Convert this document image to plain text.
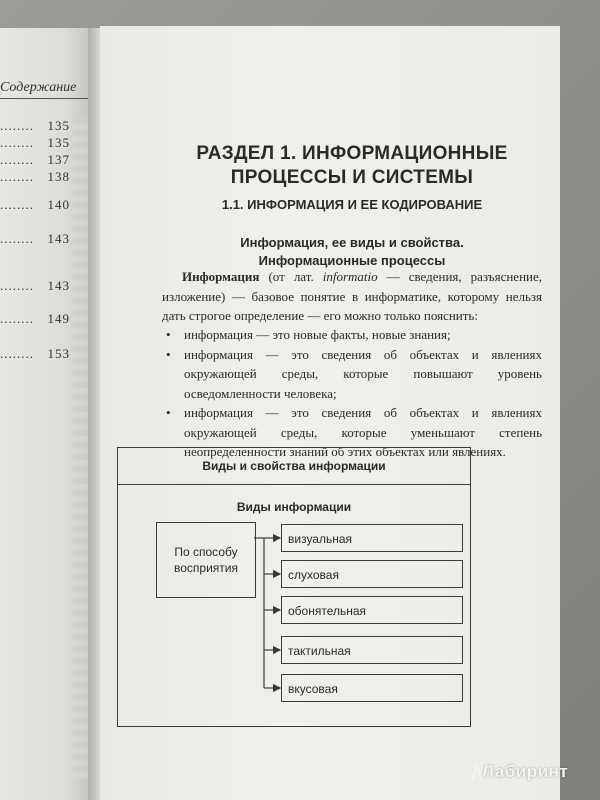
Содержание
........ 135
........ 135
........ 137
........ 138
........ 140
........ 143
........ 143
........ 149
........ 153
РАЗДЕЛ 1. ИНФОРМАЦИОННЫЕ
ПРОЦЕССЫ И СИСТЕМЫ
1.1. ИНФОРМАЦИЯ И ЕЕ КОДИРОВАНИЕ
Информация, ее виды и свойства.
Информационные процессы
Информация (от лат. informatio — сведения, разъяснение, изложение) — базовое понятие в информатике, которому нельзя дать строгое определение — его можно только пояснить:
• информация — это новые факты, новые знания;
• информация — это сведения об объектах и явлениях окружающей среды, которые повышают уровень осведомленности человека;
• информация — это сведения об объектах и явлениях окружающей среды, которые уменьшают степень неопределенности знаний об этих объектах или явлениях.
Виды и свойства информации
Виды информации
По способу
восприятия
визуальная
слуховая
обонятельная
тактильная
вкусовая
Лабиринт
